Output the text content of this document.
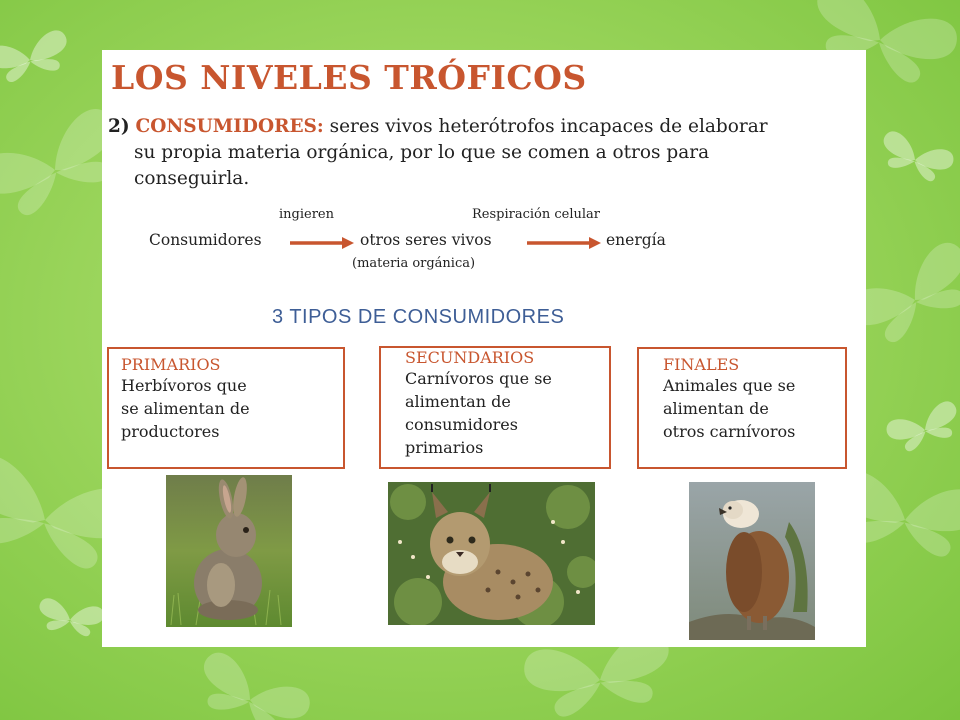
LOS NIVELES TRÓFICOS
2) CONSUMIDORES: seres vivos heterótrofos incapaces de elaborar
su propia materia orgánica, por lo que se comen a otros para
conseguirla.
ingieren	Respiración celular
Consumidores	otros seres vivos	energía
(materia orgánica)
3 TIPOS DE CONSUMIDORES
PRIMARIOS
Herbívoros que
se alimentan de
productores
SECUNDARIOS
Carnívoros que se
alimentan de
consumidores
primarios
FINALES
Animales que se
alimentan de
otros carnívoros
